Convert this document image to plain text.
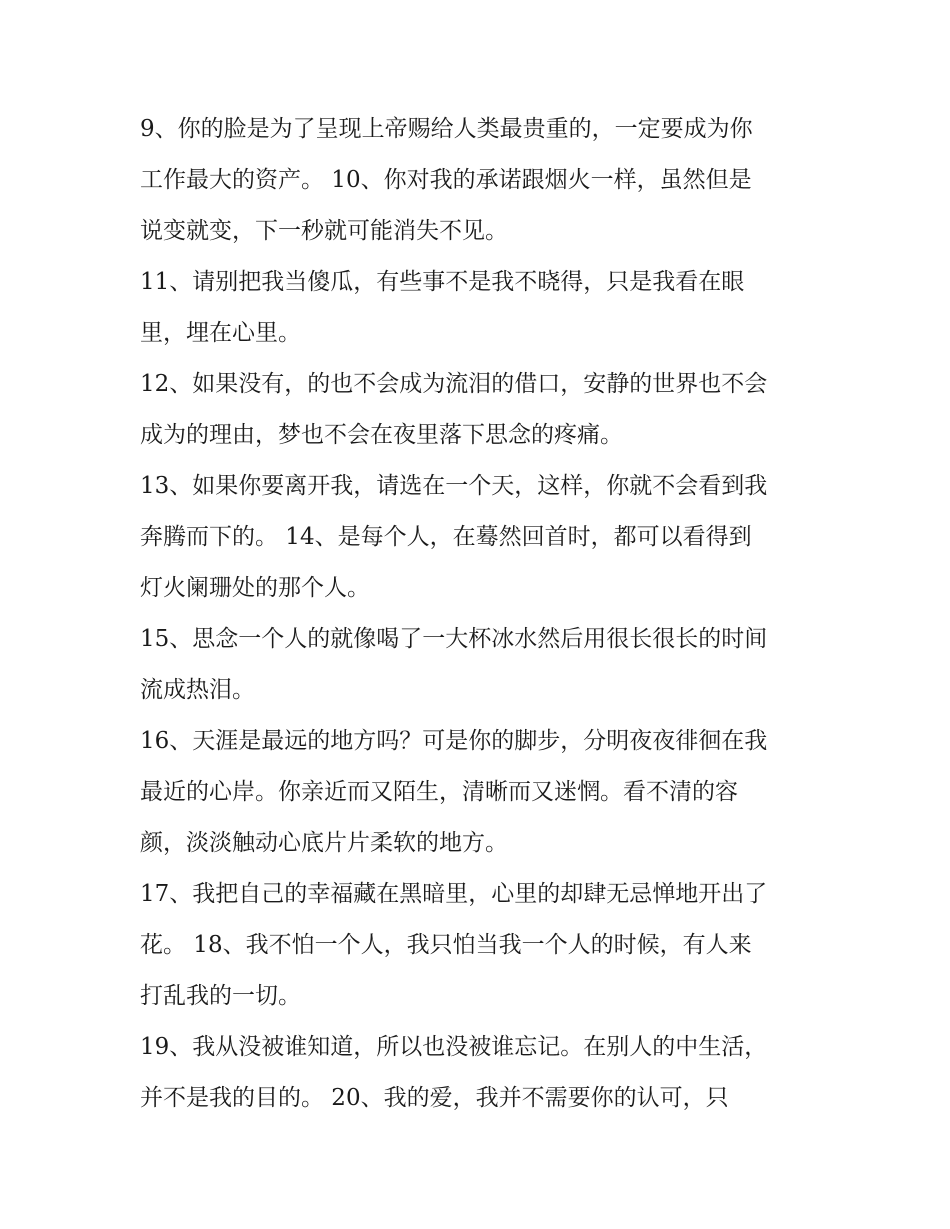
9、你的脸是为了呈现上帝赐给人类最贵重的，一定要成为你
工作最大的资产。 10、你对我的承诺跟烟火一样，虽然但是
说变就变，下一秒就可能消失不见。
11、请别把我当傻瓜，有些事不是我不晓得，只是我看在眼
里，埋在心里。
12、如果没有，的也不会成为流泪的借口，安静的世界也不会
成为的理由，梦也不会在夜里落下思念的疼痛。
13、如果你要离开我，请选在一个天，这样，你就不会看到我
奔腾而下的。 14、是每个人，在蓦然回首时，都可以看得到
灯火阑珊处的那个人。
15、思念一个人的就像喝了一大杯冰水然后用很长很长的时间
流成热泪。
16、天涯是最远的地方吗？可是你的脚步，分明夜夜徘徊在我
最近的心岸。你亲近而又陌生，清晰而又迷惘。看不清的容
颜，淡淡触动心底片片柔软的地方。
17、我把自己的幸福藏在黑暗里，心里的却肆无忌惮地开出了
花。 18、我不怕一个人，我只怕当我一个人的时候，有人来
打乱我的一切。
19、我从没被谁知道，所以也没被谁忘记。在别人的中生活，
并不是我的目的。 20、我的爱，我并不需要你的认可，只
